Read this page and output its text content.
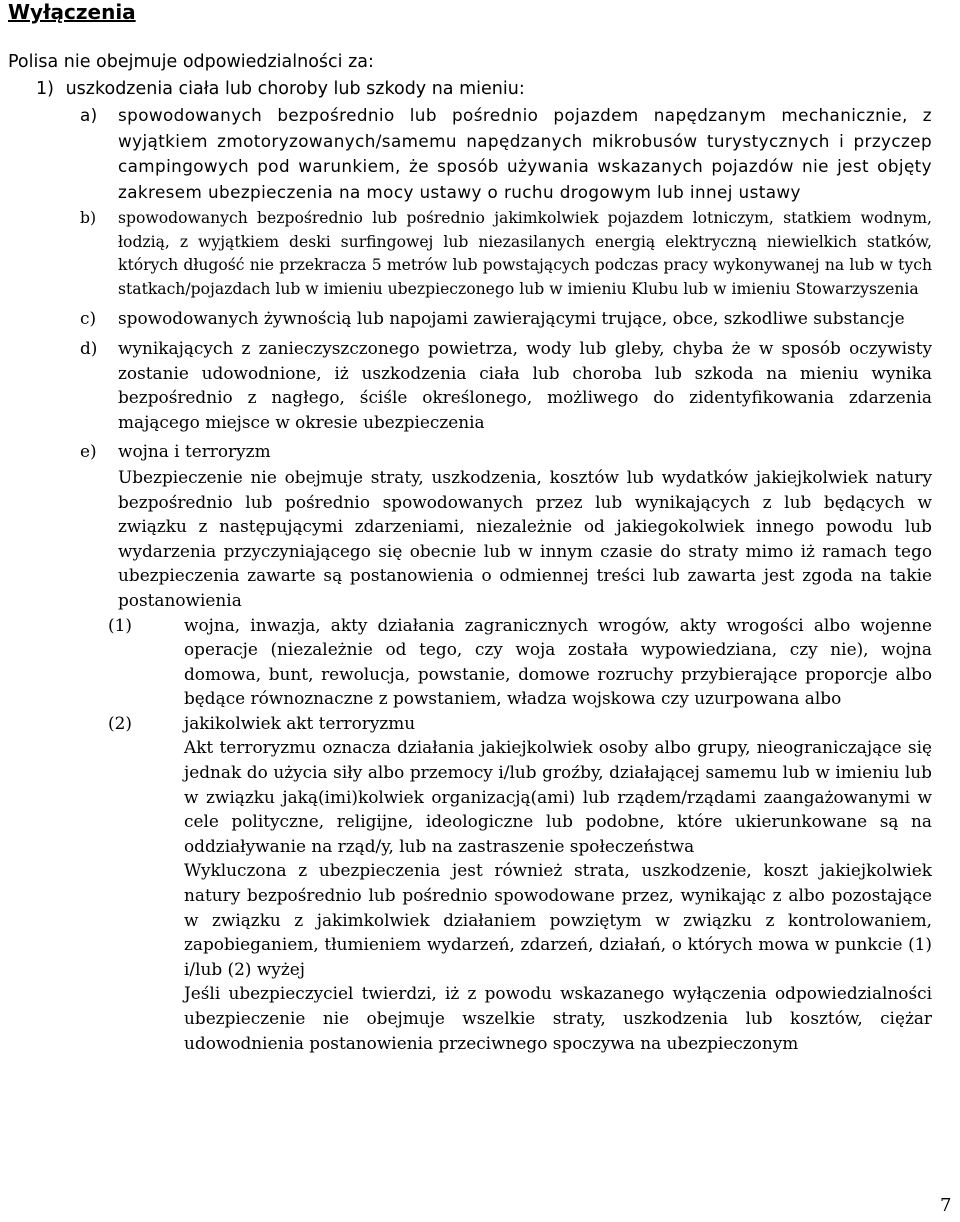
Wyłączenia

Polisa nie obejmuje odpowiedzialności za:

1) uszkodzenia ciała lub choroby lub szkody na mieniu:
a) spowodowanych bezpośrednio lub pośrednio pojazdem napędzanym mechanicznie, z wyjątkiem zmotoryzowanych/samemu napędzanych mikrobusów turystycznych i przyczep campingowych pod warunkiem, że sposób używania wskazanych pojazdów nie jest objęty zakresem ubezpieczenia na mocy ustawy o ruchu drogowym lub innej ustawy
b) spowodowanych bezpośrednio lub pośrednio jakimkolwiek pojazdem lotniczym, statkiem wodnym, łodzią, z wyjątkiem deski surfingowej lub niezasilanych energią elektryczną niewielkich statków, których długość nie przekracza 5 metrów lub powstających podczas pracy wykonywanej na lub w tych statkach/pojazdach lub w imieniu ubezpieczonego lub w imieniu Klubu lub w imieniu Stowarzyszenia
c) spowodowanych żywnością lub napojami zawierającymi trujące, obce, szkodliwe substancje
d) wynikających z zanieczyszczonego powietrza, wody lub gleby, chyba że w sposób oczywisty zostanie udowodnione, iż uszkodzenia ciała lub choroba lub szkoda na mieniu wynika bezpośrednio z nagłego, ściśle określonego, możliwego do zidentyfikowania zdarzenia mającego miejsce w okresie ubezpieczenia
e) wojna i terroryzm

Ubezpieczenie nie obejmuje straty, uszkodzenia, kosztów lub wydatków jakiejkolwiek natury bezpośrednio lub pośrednio spowodowanych przez lub wynikających z lub będących w związku z następującymi zdarzeniami, niezależnie od jakiegokolwiek innego powodu lub wydarzenia przyczyniającego się obecnie lub w innym czasie do straty mimo iż ramach tego ubezpieczenia zawarte są postanowienia o odmiennej treści lub zawarta jest zgoda na takie postanowienia

(1)	wojna, inwazja, akty działania zagranicznych wrogów, akty wrogości albo wojenne operacje (niezależnie od tego, czy woja została wypowiedziana, czy nie), wojna domowa, bunt, rewolucja, powstanie, domowe rozruchy przybierające proporcje albo będące równoznaczne z powstaniem, władza wojskowa czy uzurpowana albo

(2)	jakikolwiek akt terroryzmu

Akt terroryzmu oznacza działania jakiejkolwiek osoby albo grupy, nieograniczające się jednak do użycia siły albo przemocy i/lub groźby, działającej samemu lub w imieniu lub w związku jaką(imi)kolwiek organizacją(ami) lub rządem/rządami zaangażowanymi w cele polityczne, religijne, ideologiczne lub podobne, które ukierunkowane są na oddziaływanie na rząd/y, lub na zastraszenie społeczeństwa

Wykluczona z ubezpieczenia jest również strata, uszkodzenie, koszt jakiejkolwiek natury bezpośrednio lub pośrednio spowodowane przez, wynikając z albo pozostające w związku z jakimkolwiek działaniem powziętym w związku z kontrolowaniem, zapobieganiem, tłumieniem wydarzeń, zdarzeń, działań, o których mowa w punkcie (1) i/lub (2) wyżej

Jeśli ubezpieczyciel twierdzi, iż z powodu wskazanego wyłączenia odpowiedzialności ubezpieczenie nie obejmuje wszelkie straty, uszkodzenia lub kosztów, ciężar udowodnienia postanowienia przeciwnego spoczywa na ubezpieczonym

7
